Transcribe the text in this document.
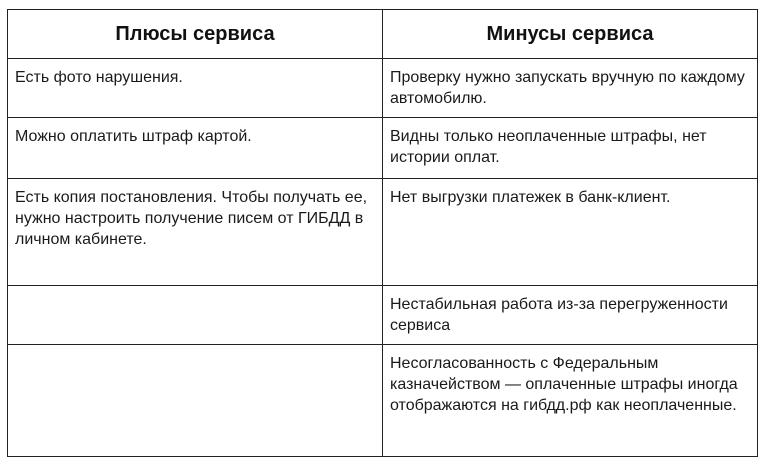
Плюсы сервиса	Минусы сервиса
Есть фото нарушения.	Проверку нужно запускать вручную по каждому автомобилю.
Можно оплатить штраф картой.	Видны только неоплаченные штрафы, нет истории оплат.
Есть копия постановления. Чтобы получать ее, нужно настроить получение писем от ГИБДД в личном кабинете.	Нет выгрузки платежек в банк-клиент.
	Нестабильная работа из-за перегруженности сервиса
	Несогласованность с Федеральным казначейством — оплаченные штрафы иногда отображаются на гибдд.рф как неоплаченные.
